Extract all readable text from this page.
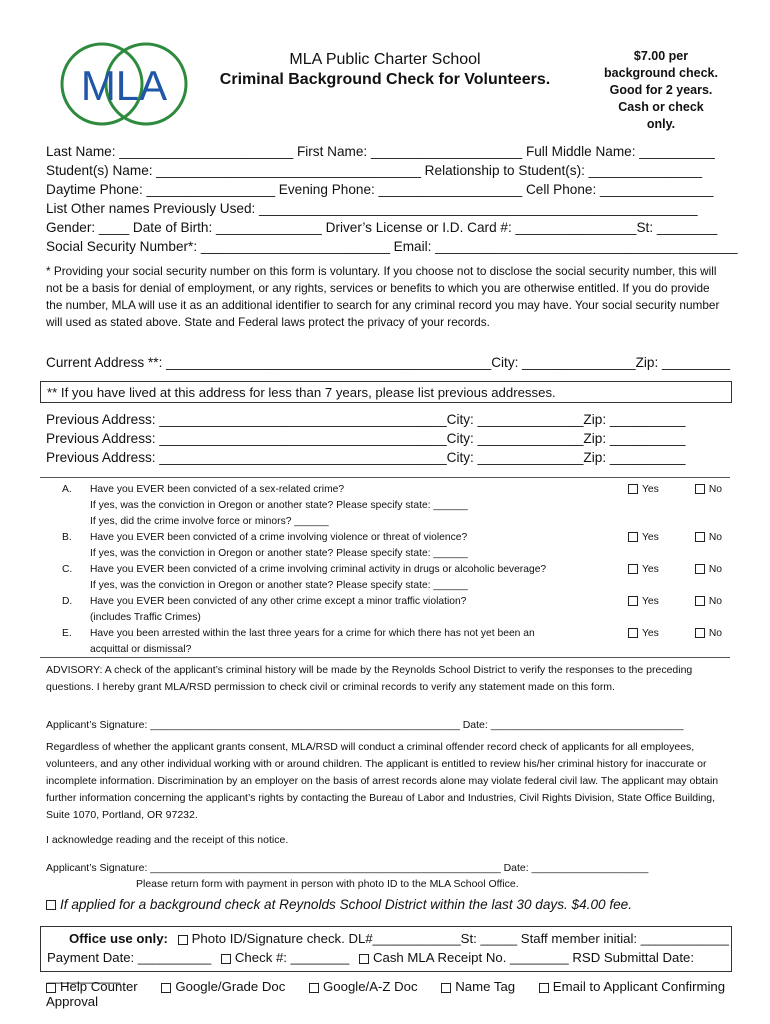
MLA
MLA Public Charter School
Criminal Background Check for Volunteers.
$7.00 per
background check.
Good for 2 years.
Cash or check
only.
Last Name: _______________________ First Name: ____________________ Full Middle Name: __________
Student(s) Name: ___________________________________ Relationship to Student(s): _______________
Daytime Phone: _________________ Evening Phone: ___________________ Cell Phone: _______________
List Other names Previously Used: __________________________________________________________
Gender: ____ Date of Birth: ______________ Driver’s License or I.D. Card #: ________________St: ________
Social Security Number*: _________________________ Email: ________________________________________
* Providing your social security number on this form is voluntary. If you choose not to disclose the social security number, this will not be a basis for denial of employment, or any rights, services or benefits to which you are otherwise entitled. If you do provide the number, MLA will use it as an additional identifier to search for any criminal record you may have. Your social security number will used as stated above. State and Federal laws protect the privacy of your records.
Current Address **: ___________________________________________City: _______________Zip: _________
** If you have lived at this address for less than 7 years, please list previous addresses.
Previous Address: ______________________________________City: ______________Zip: __________
Previous Address: ______________________________________City: ______________Zip: __________
Previous Address: ______________________________________City: ______________Zip: __________
A.	Have you EVER been convicted of a sex-related crime?
If yes, was the conviction in Oregon or another state? Please specify state: ______
If yes, did the crime involve force or minors? ______
Yes	No
B.	Have you EVER been convicted of a crime involving violence or threat of violence?
If yes, was the conviction in Oregon or another state? Please specify state: ______
Yes	No
C.	Have you EVER been convicted of a crime involving criminal activity in drugs or alcoholic beverage?
If yes, was the conviction in Oregon or another state? Please specify state: ______
Yes	No
D.	Have you EVER been convicted of any other crime except a minor traffic violation?
(includes Traffic Crimes)
Yes	No
E.	Have you been arrested within the last three years for a crime for which there has not yet been an
acquittal or dismissal?
Yes	No
ADVISORY: A check of the applicant’s criminal history will be made by the Reynolds School District to verify the responses to the preceding questions. I hereby grant MLA/RSD permission to check civil or criminal records to verify any statement made on this form.
Applicant’s Signature: _____________________________________________________ Date: _________________________________
Regardless of whether the applicant grants consent, MLA/RSD will conduct a criminal offender record check of applicants for all employees, volunteers, and any other individual working with or around children. The applicant is entitled to review his/her criminal history for inaccurate or incomplete information. Discrimination by an employer on the basis of arrest records alone may violate federal civil law. The applicant may obtain further information concerning the applicant’s rights by contacting the Bureau of Labor and Industries, Civil Rights Division, State Office Building, Suite 1070, Portland, OR 97232.
I acknowledge reading and the receipt of this notice.
Applicant’s Signature: ____________________________________________________________ Date: ____________________
Please return form with payment in person with photo ID to the MLA School Office.
If applied for a background check at Reynolds School District within the last 30 days. $4.00 fee.
Office use only: Photo ID/Signature check. DL#____________St: _____ Staff member initial: ____________
Payment Date: __________ Check #: ________ Cash MLA Receipt No. ________ RSD Submittal Date: __________
Help Counter	Google/Grade Doc	Google/A-Z Doc	Name Tag	Email to Applicant Confirming Approval
